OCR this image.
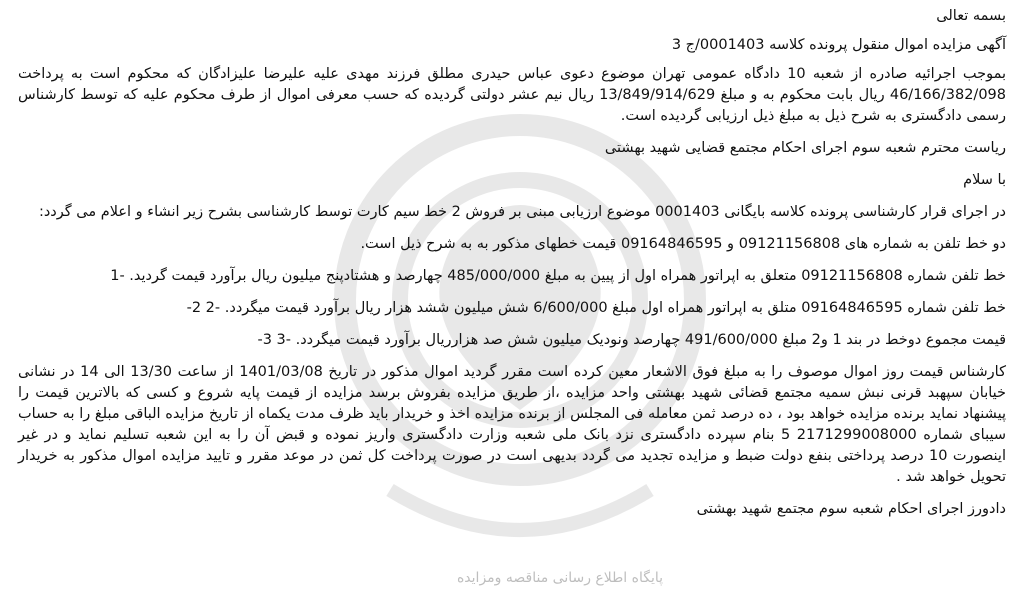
پایگاه اطلاع رسانی مناقصه ومزایده

بسمه تعالی

آگهی مزایده اموال منقول پرونده کلاسه 0001403/ج 3

بموجب اجرائیه صادره از شعبه 10 دادگاه عمومی تهران موضوع دعوی عباس حیدری مطلق فرزند مهدی علیه علیرضا علیزادگان که محکوم است به پرداخت 46/166/382/098 ریال بابت محکوم به و مبلغ 13/849/914/629 ریال نیم عشر دولتی گردیده که حسب معرفی اموال از طرف محکوم علیه که توسط کارشناس رسمی دادگستری به شرح ذیل به مبلغ ذیل ارزیابی گردیده است.

ریاست محترم شعبه سوم اجرای احکام مجتمع قضایی شهید بهشتی

با سلام

در اجرای قرار کارشناسی پرونده کلاسه بایگانی 0001403 موضوع ارزیابی مبنی بر فروش 2 خط سیم کارت توسط کارشناسی بشرح زیر انشاء و اعلام می گردد:

دو خط تلفن به شماره های 09121156808 و 09164846595 قیمت خطهای مذکور به به شرح ذیل است.

خط تلفن شماره 09121156808 متعلق به اپراتور همراه اول از پیین به مبلغ 485/000/000 چهارصد و هشتادپنج میلیون ریال برآورد قیمت گردید. -1

خط تلفن شماره 09164846595 متلق به اپراتور همراه اول مبلغ 6/600/000 شش میلیون ششد هزار ریال برآورد قیمت میگردد. -2 2-

قیمت مجموع دوخط در بند 1 و2 مبلغ 491/600/000 چهارصد ونودیک میلیون شش صد هزارریال برآورد قیمت میگردد. -3 3-

کارشناس قیمت روز اموال موصوف را به مبلغ فوق الاشعار معین کرده است مقرر گردید اموال مذکور در تاریخ 1401/03/08 از ساعت 13/30 الی 14 در نشانی خیابان سپهبد قرنی نبش سمیه مجتمع قضائی شهید بهشتی واحد مزایده ،از طریق مزایده بفروش برسد مزایده از قیمت پایه شروع و کسی که بالاترین قیمت را پیشنهاد نماید برنده مزایده خواهد بود ، ده درصد ثمن معامله فی المجلس از برنده مزایده اخذ و خریدار باید ظرف مدت یکماه از تاریخ مزایده الباقی مبلغ را به حساب سیبای شماره 2171299008000 5 بنام سپرده دادگستری نزد بانک ملی شعبه وزارت دادگستری واریز نموده و قبض آن را به این شعبه تسلیم نماید و در غیر اینصورت 10 درصد پرداختی بنفع دولت ضبط و مزایده تجدید می گردد بدیهی است در صورت پرداخت کل ثمن در موعد مقرر و تایید مزایده اموال مذکور به خریدار تحویل خواهد شد .

دادورز اجرای احکام شعبه سوم مجتمع شهید بهشتی
